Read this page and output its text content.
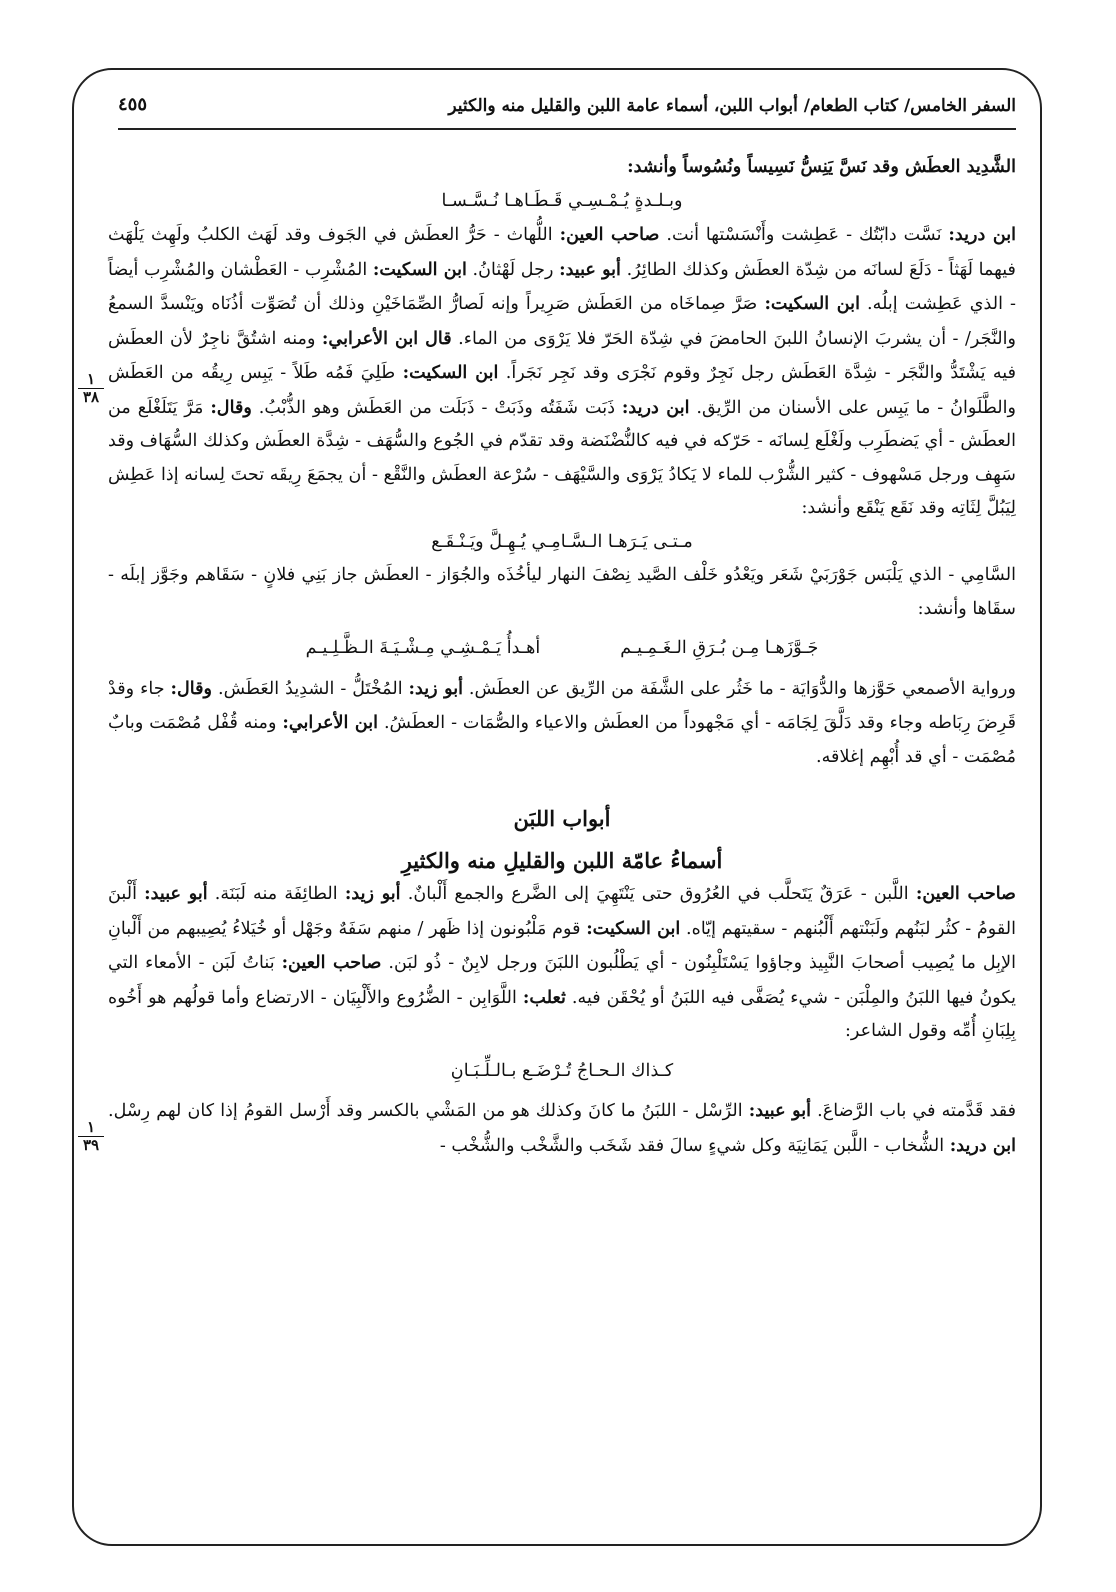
السفر الخامس/ كتاب الطعام/ أبواب اللبن، أسماء عامة اللبن والقليل منه والكثير
٤٥٥
١
٣٨
١
٣٩

الشَّدِيد العطَش وقد نَسَّ يَنِسُّ نَسِيساً ونُسُوساً وأنشد:

وبـلـدةٍ يُـمْـسِـي قَـطَـاهـا نُـسَّـسـا

ابن دريد: نَسَّت دابّتُك - عَطِشت وأَنْسَسْتها أنت. صاحب العين: اللُّهاث - حَرُّ العطَش في الجَوف وقد لَهَث الكلبُ ولَهِث يَلْهَث فيهما لَهَثاً - دَلَعَ لسانَه من شِدّة العطَش وكذلك الطائِرُ. أبو عبيد: رجل لَهْثانُ. ابن السكيت: المُشْرِب - العَطْشان والمُشْرِب أيضاً - الذي عَطِشت إبلُه. ابن السكيت: صَرَّ صِماخَاه من العَطَش صَرِيراً وإنه لَصارُّ الصِّمَاخَيْنِ وذلك أن تُصَوِّت أذُنَاه ويَنْسدَّ السمعُ والنَّجَر/ - أن يشربَ الإنسانُ اللبنَ الحامضَ في شِدّة الحَرّ فلا يَرْوَى من الماء. قال ابن الأعرابي: ومنه اشتُقَّ ناجِرٌ لأن العطَش فيه يَشْتَدُّ والنَّجَر - شِدَّة العَطَش رجل نَجِرٌ وقوم نَجْرَى وقد نَجِر نَجَراً. ابن السكيت: طَلِيَ فَمُه طَلاً - يَبِس رِيقُه من العَطَش والطَّلَوانُ - ما يَبِس على الأسنان من الرِّيق. ابن دريد: ذَبَت شَفَتُه وذَبَتْ - ذَبَلَت من العَطَش وهو الذُّبْبُ. وقال: مَرَّ يَتَلَغْلَع من العطَش - أي يَضطَرِب ولَغْلَع لِسانَه - حَرّكه في فيه كالنُّضْنَضة وقد تقدّم في الجُوع والسُّهَف - شِدَّة العطَش وكذلك السُّهَاف وقد سَهِف ورجل مَسْهوف - كثير الشُّرْب للماء لا يَكادُ يَرْوَى والسَّيْهَف - سُرْعة العطَش والنَّقْع - أن يجمَعَ رِيقَه تحتَ لِسانه إذا عَطِش لِيَبُلَّ لِثَاتِه وقد نَقَع يَنْقَع وأنشد:

مـتـى يَـرَهـا الـسَّـامِـي يُـهِـلَّ ويَـنْـقَـع

السَّامِي - الذي يَلْبَس جَوْرَبَيْ شَعَر ويَعْدُو خَلْف الصَّيد نِصْفَ النهار ليأخُذَه والجُوَاز - العطَش جاز بَنِي فلانٍ - سَقَاهم وجَوَّز إبلَه - سقَاها وأنشد:

جَـوَّزَهـا مِـن بُـرَقِ الـغَـمِـيـم
أهـدأُ يَـمْـشِـي مِـشْـيَـةَ الـظَّـلِـيـم

ورواية الأصمعي حَوَّزها والدُّوَايَة - ما خَثُر على الشَّفَة من الرِّيق عن العطَش. أبو زيد: المُخْتَلُّ - الشدِيدُ العَطَش. وقال: جاء وقدْ قَرِضَ رِبَاطه وجاء وقد دَلَّقَ لِجَامَه - أي مَجْهوداً من العطَش والاعياء والصُّمَات - العطَشُ. ابن الأعرابي: ومنه قُفْل مُصْمَت وبابٌ مُصْمَت - أي قد أُبْهِم إغلاقه.

أبواب اللبَن

أسماءُ عامّة اللبن والقليلِ منه والكثيرِ

صاحب العين: اللَّبن - عَرَقٌ يَتَحلَّب في العُرُوق حتى يَنْتَهِيَ إلى الضَّرع والجمع أَلْبانٌ. أبو زيد: الطائِفَة منه لَبَنَة. أبو عبيد: أَلْبنَ القومُ - كثُر لبَنُهم ولَبَنْتهم أَلْبُنهم - سقيتهم إيّاه. ابن السكيت: قوم مَلْبُونون إذا ظَهر / منهم سَفَهٌ وجَهْل أو خُيَلاءُ يُصِيبهم من أَلْبانِ الإبِل ما يُصِيب أصحابَ النَّبِيذ وجاؤوا يَسْتَلْبِنُون - أي يَطْلُبون اللبَنَ ورجل لابِنٌ - ذُو لبَن. صاحب العين: بَناتُ لَبَن - الأمعاء التي يكونُ فيها اللبَنُ والمِلْبَن - شيء يُصَفَّى فيه اللبَنُ أو يُحْقَن فيه. ثعلب: اللَّوَابِن - الضُّرُوع والأَلْبِيَان - الارتضاع وأما قولُهم هو أَخُوه بِلِبَانِ أُمِّه وقول الشاعر:

كـذاك الـحـاجُ تُـرْضَـع بـالـلِّـبَـانِ

فقد قَدَّمته في باب الرَّضاعَ. أبو عبيد: الرِّسْل - اللبَنُ ما كانَ وكذلك هو من المَشْي بالكسر وقد أَرْسل القومُ إذا كان لهم رِسْل. ابن دريد: الشُّخاب - اللَّبن يَمَانِيَة وكل شيءٍ سالَ فقد شَخَب والشَّخْب والشُّخْب -
